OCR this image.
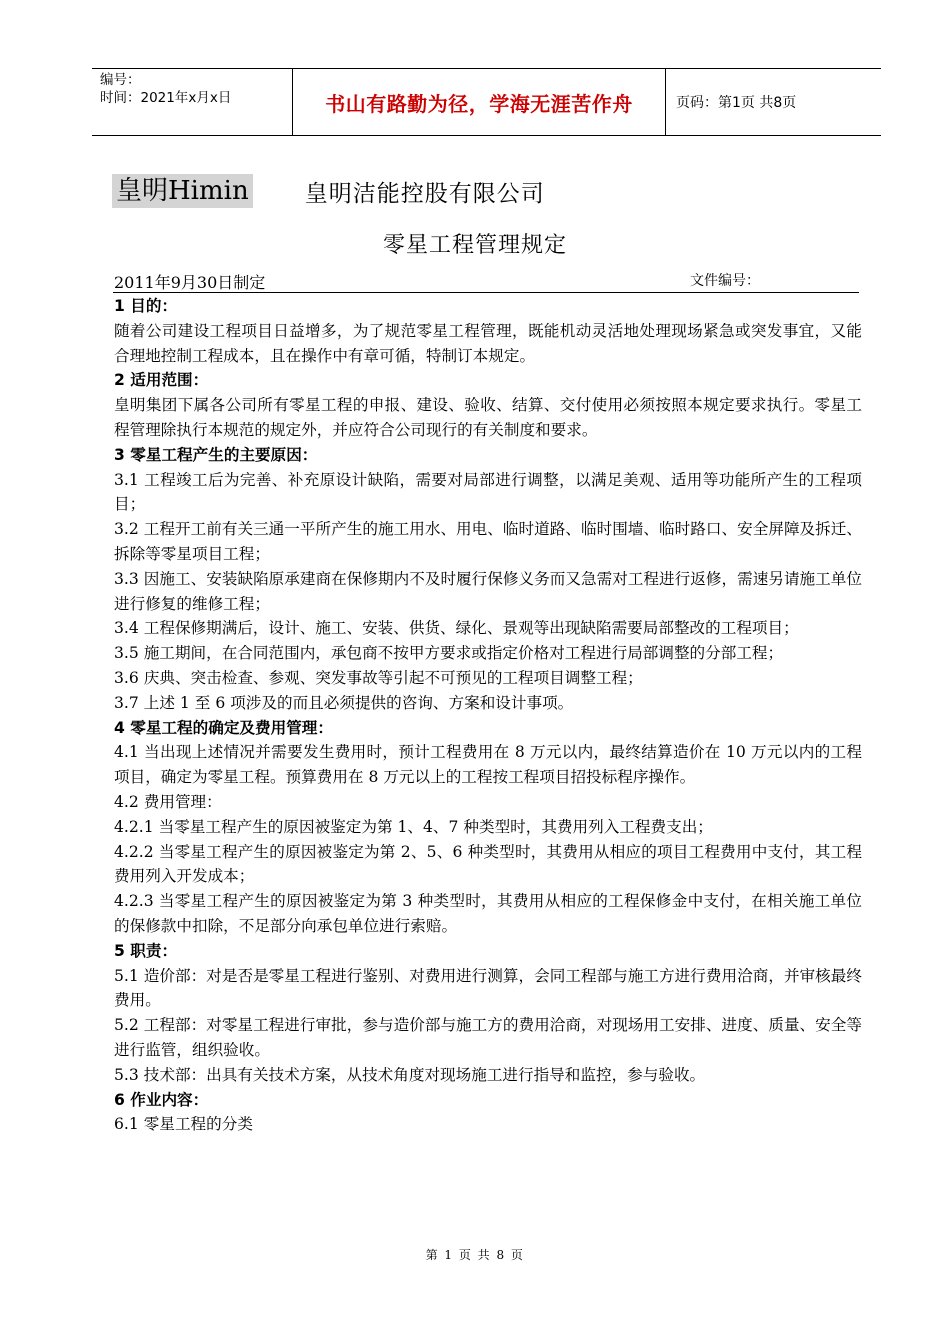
编号：
时间：2021年x月x日	书山有路勤为径，学海无涯苦作舟	页码：第1页 共8页
皇明Himin 皇明洁能控股有限公司
零星工程管理规定
2011年9月30日制定	文件编号：

1 目的：

随着公司建设工程项目日益增多，为了规范零星工程管理，既能机动灵活地处理现场紧急或突发事宜，又能合理地控制工程成本，且在操作中有章可循，特制订本规定。

2 适用范围：

皇明集团下属各公司所有零星工程的申报、建设、验收、结算、交付使用必须按照本规定要求执行。零星工程管理除执行本规范的规定外，并应符合公司现行的有关制度和要求。

3 零星工程产生的主要原因：

3.1 工程竣工后为完善、补充原设计缺陷，需要对局部进行调整，以满足美观、适用等功能所产生的工程项目；

3.2 工程开工前有关三通一平所产生的施工用水、用电、临时道路、临时围墙、临时路口、安全屏障及拆迁、拆除等零星项目工程；

3.3 因施工、安装缺陷原承建商在保修期内不及时履行保修义务而又急需对工程进行返修，需速另请施工单位进行修复的维修工程；

3.4 工程保修期满后，设计、施工、安装、供货、绿化、景观等出现缺陷需要局部整改的工程项目；

3.5 施工期间，在合同范围内，承包商不按甲方要求或指定价格对工程进行局部调整的分部工程；

3.6 庆典、突击检查、参观、突发事故等引起不可预见的工程项目调整工程；

3.7 上述 1 至 6 项涉及的而且必须提供的咨询、方案和设计事项。

4 零星工程的确定及费用管理：

4.1 当出现上述情况并需要发生费用时，预计工程费用在 8 万元以内，最终结算造价在 10 万元以内的工程项目，确定为零星工程。预算费用在 8 万元以上的工程按工程项目招投标程序操作。

4.2 费用管理：

4.2.1 当零星工程产生的原因被鉴定为第 1、4、7 种类型时，其费用列入工程费支出；

4.2.2 当零星工程产生的原因被鉴定为第 2、5、6 种类型时，其费用从相应的项目工程费用中支付，其工程费用列入开发成本；

4.2.3 当零星工程产生的原因被鉴定为第 3 种类型时，其费用从相应的工程保修金中支付，在相关施工单位的保修款中扣除，不足部分向承包单位进行索赔。

5 职责：

5.1 造价部：对是否是零星工程进行鉴别、对费用进行测算，会同工程部与施工方进行费用洽商，并审核最终费用。

5.2 工程部：对零星工程进行审批，参与造价部与施工方的费用洽商，对现场用工安排、进度、质量、安全等进行监管，组织验收。

5.3 技术部：出具有关技术方案，从技术角度对现场施工进行指导和监控，参与验收。

6 作业内容：

6.1 零星工程的分类

第 1 页 共 8 页
